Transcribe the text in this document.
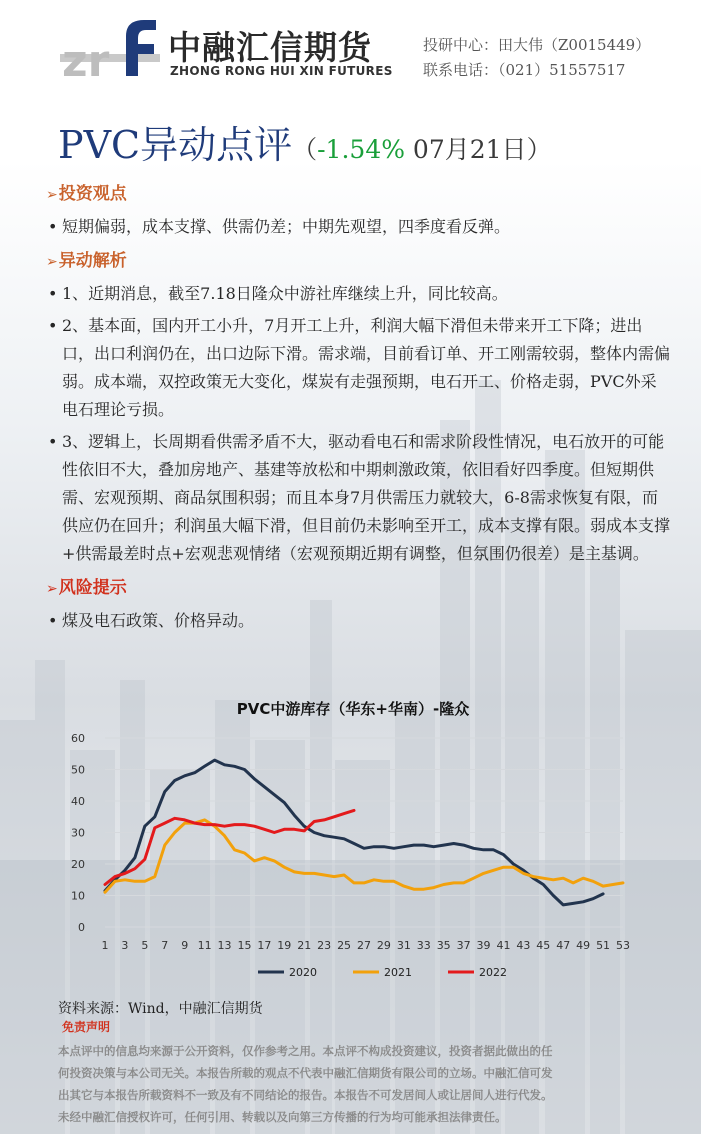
zr 中融汇信期货
ZHONG RONG HUI XIN FUTURES
投研中心：田大伟（Z0015449）
联系电话：（021）51557517
PVC异动点评（-1.54% 07月21日）

➢投资观点

• 短期偏弱，成本支撑、供需仍差；中期先观望，四季度看反弹。

➢异动解析

• 1、近期消息，截至7.18日隆众中游社库继续上升，同比较高。
• 2、基本面，国内开工小升，7月开工上升，利润大幅下滑但未带来开工下降；进出口，出口利润仍在，出口边际下滑。需求端，目前看订单、开工刚需较弱，整体内需偏弱。成本端，双控政策无大变化，煤炭有走强预期，电石开工、价格走弱，PVC外采电石理论亏损。
• 3、逻辑上，长周期看供需矛盾不大，驱动看电石和需求阶段性情况，电石放开的可能性依旧不大，叠加房地产、基建等放松和中期刺激政策，依旧看好四季度。但短期供需、宏观预期、商品氛围积弱；而且本身7月供需压力就较大，6-8需求恢复有限，而供应仍在回升；利润虽大幅下滑，但目前仍未影响至开工，成本支撑有限。弱成本支撑+供需最差时点+宏观悲观情绪（宏观预期近期有调整，但氛围仍很差）是主基调。

➢风险提示

• 煤及电石政策、价格异动。
PVC中游库存（华东+华南）-隆众
0
10
20
30
40
50
60
1 3 5 7 9 11 13 15 17 19 21 23 25 27 29 31 33 35 37 39 41 43 45 47 49 51 53
2020	2021	2022
资料来源：Wind，中融汇信期货
免责声明
本点评中的信息均来源于公开资料，仅作参考之用。本点评不构成投资建议，投资者据此做出的任
何投资决策与本公司无关。本报告所载的观点不代表中融汇信期货有限公司的立场。中融汇信可发
出其它与本报告所载资料不一致及有不同结论的报告。本报告不可发居间人或让居间人进行代发。
未经中融汇信授权许可，任何引用、转载以及向第三方传播的行为均可能承担法律责任。
